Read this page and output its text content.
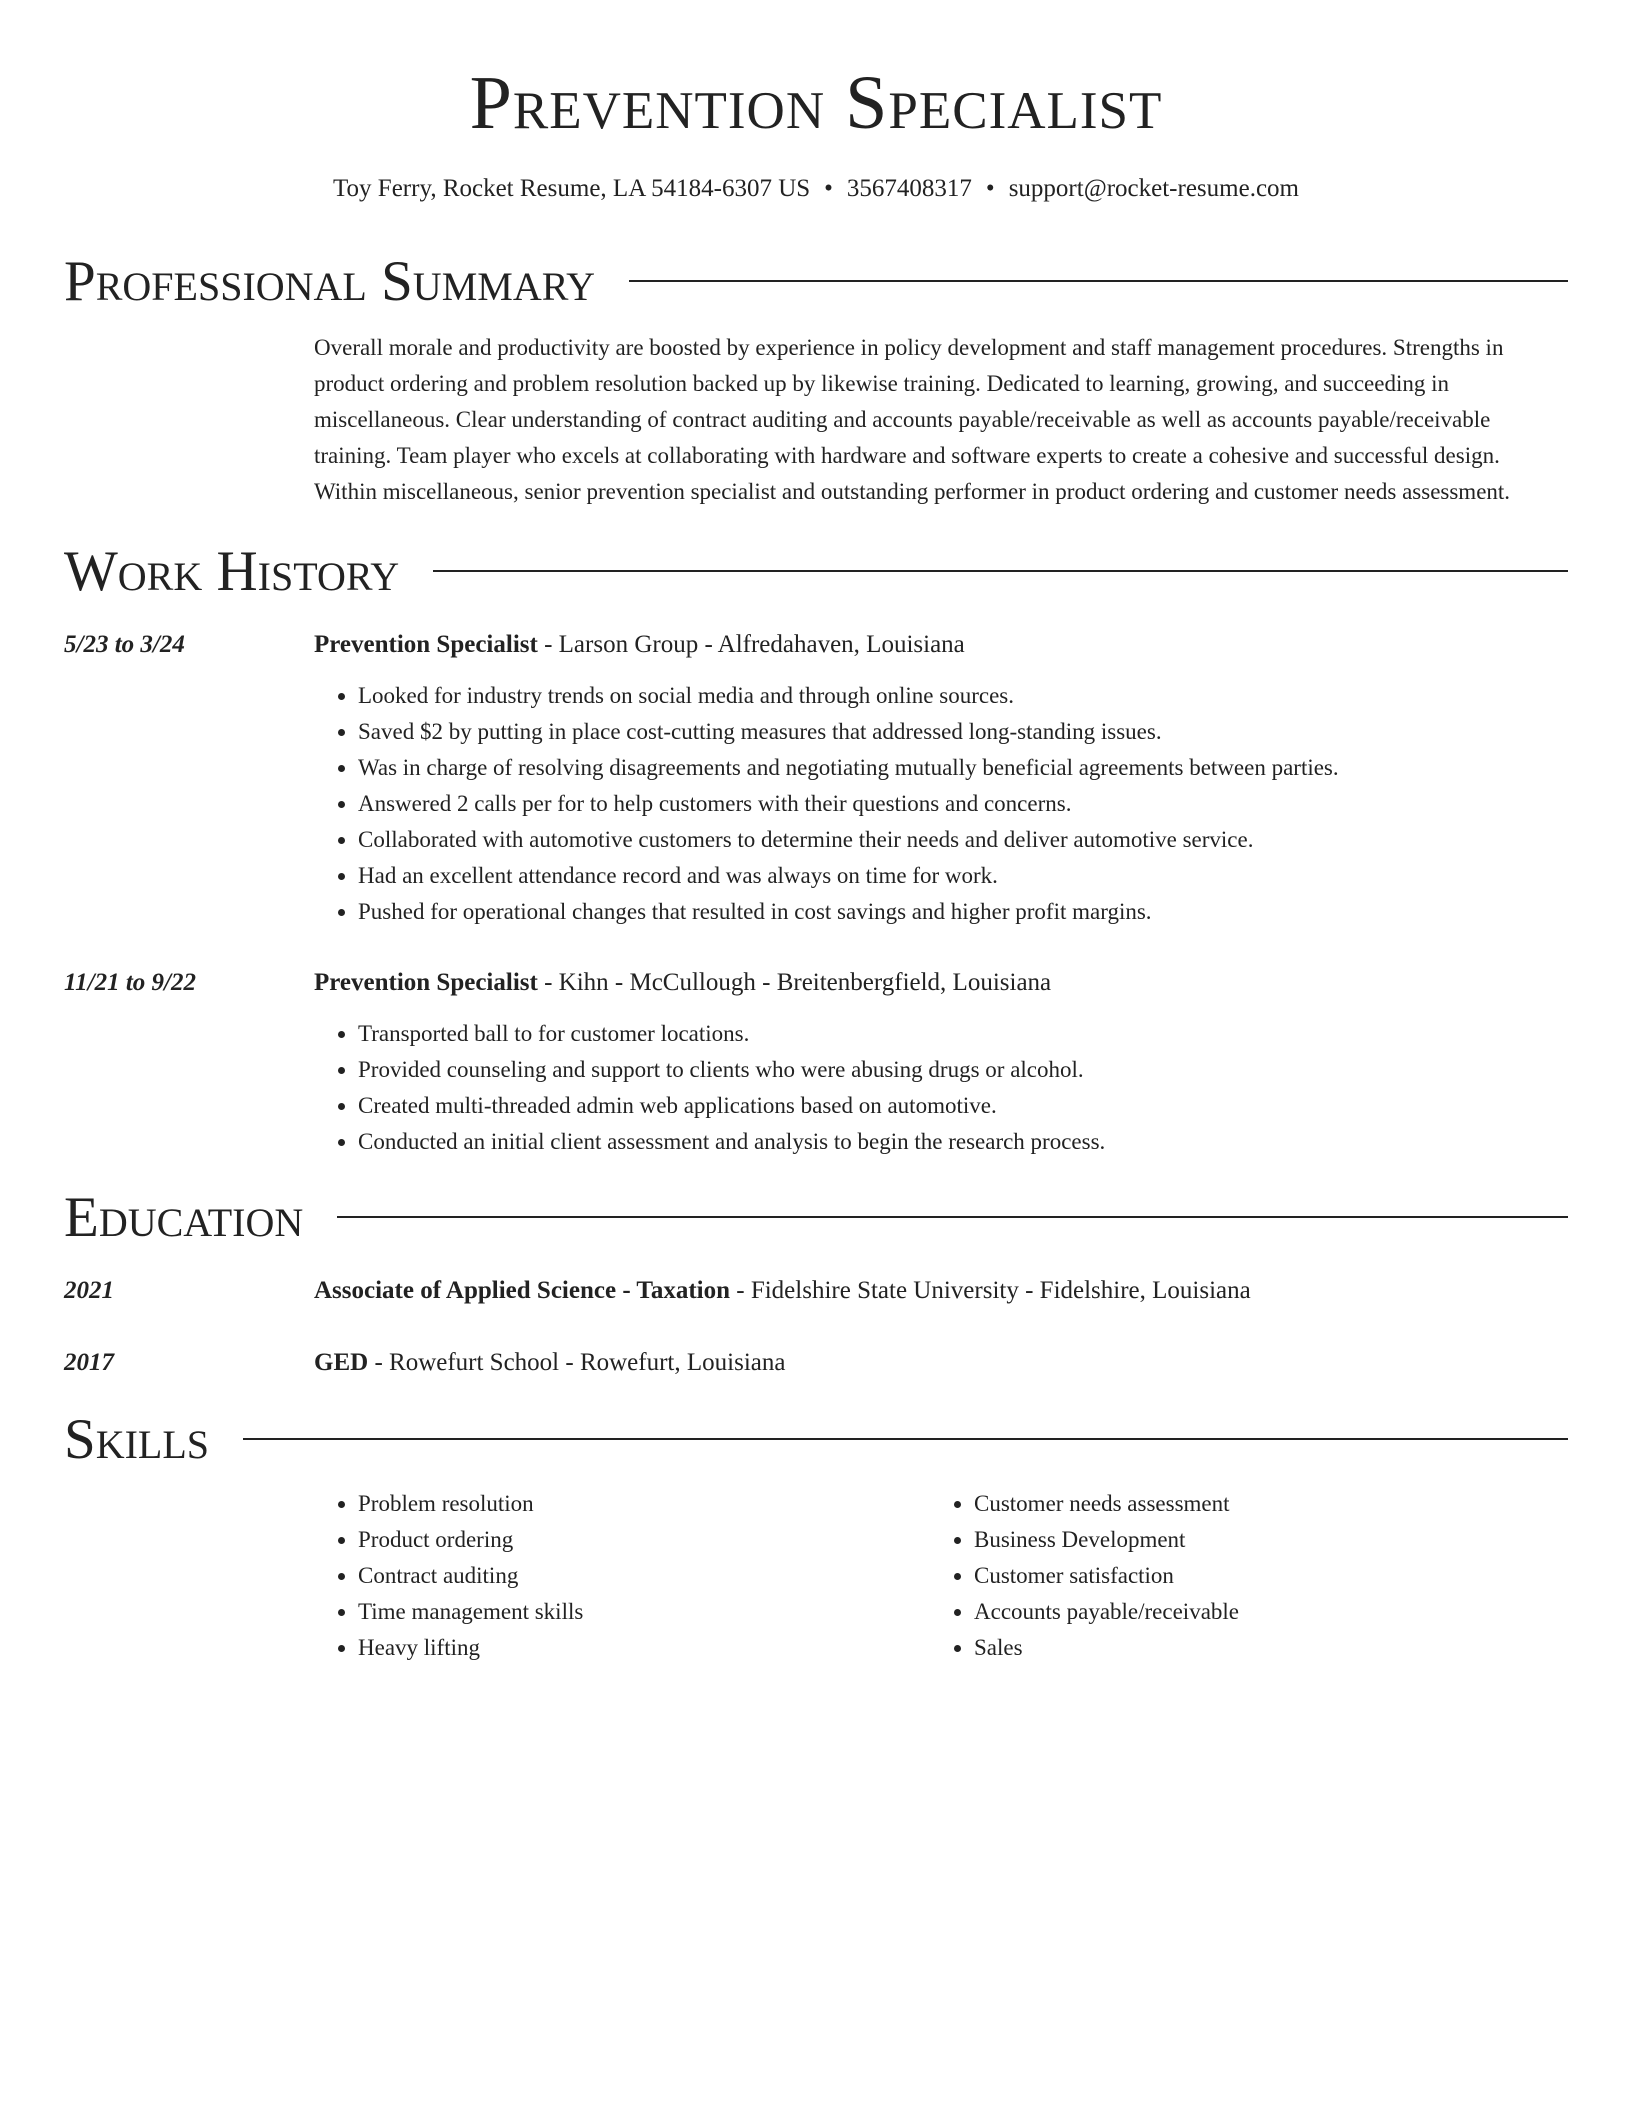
Prevention Specialist
Toy Ferry, Rocket Resume, LA 54184-6307 US • 3567408317 • support@rocket-resume.com
Professional Summary
Overall morale and productivity are boosted by experience in policy development and staff management procedures. Strengths in product ordering and problem resolution backed up by likewise training. Dedicated to learning, growing, and succeeding in miscellaneous. Clear understanding of contract auditing and accounts payable/receivable as well as accounts payable/receivable training. Team player who excels at collaborating with hardware and software experts to create a cohesive and successful design. Within miscellaneous, senior prevention specialist and outstanding performer in product ordering and customer needs assessment.
Work History
5/23 to 3/24	Prevention Specialist - Larson Group - Alfredahaven, Louisiana
• Looked for industry trends on social media and through online sources.
• Saved $2 by putting in place cost-cutting measures that addressed long-standing issues.
• Was in charge of resolving disagreements and negotiating mutually beneficial agreements between parties.
• Answered 2 calls per for to help customers with their questions and concerns.
• Collaborated with automotive customers to determine their needs and deliver automotive service.
• Had an excellent attendance record and was always on time for work.
• Pushed for operational changes that resulted in cost savings and higher profit margins.
11/21 to 9/22	Prevention Specialist - Kihn - McCullough - Breitenbergfield, Louisiana
• Transported ball to for customer locations.
• Provided counseling and support to clients who were abusing drugs or alcohol.
• Created multi-threaded admin web applications based on automotive.
• Conducted an initial client assessment and analysis to begin the research process.
Education
2021	Associate of Applied Science - Taxation - Fidelshire State University - Fidelshire, Louisiana
2017	GED - Rowefurt School - Rowefurt, Louisiana
Skills
• Problem resolution
• Product ordering
• Contract auditing
• Time management skills
• Heavy lifting
• Customer needs assessment
• Business Development
• Customer satisfaction
• Accounts payable/receivable
• Sales
